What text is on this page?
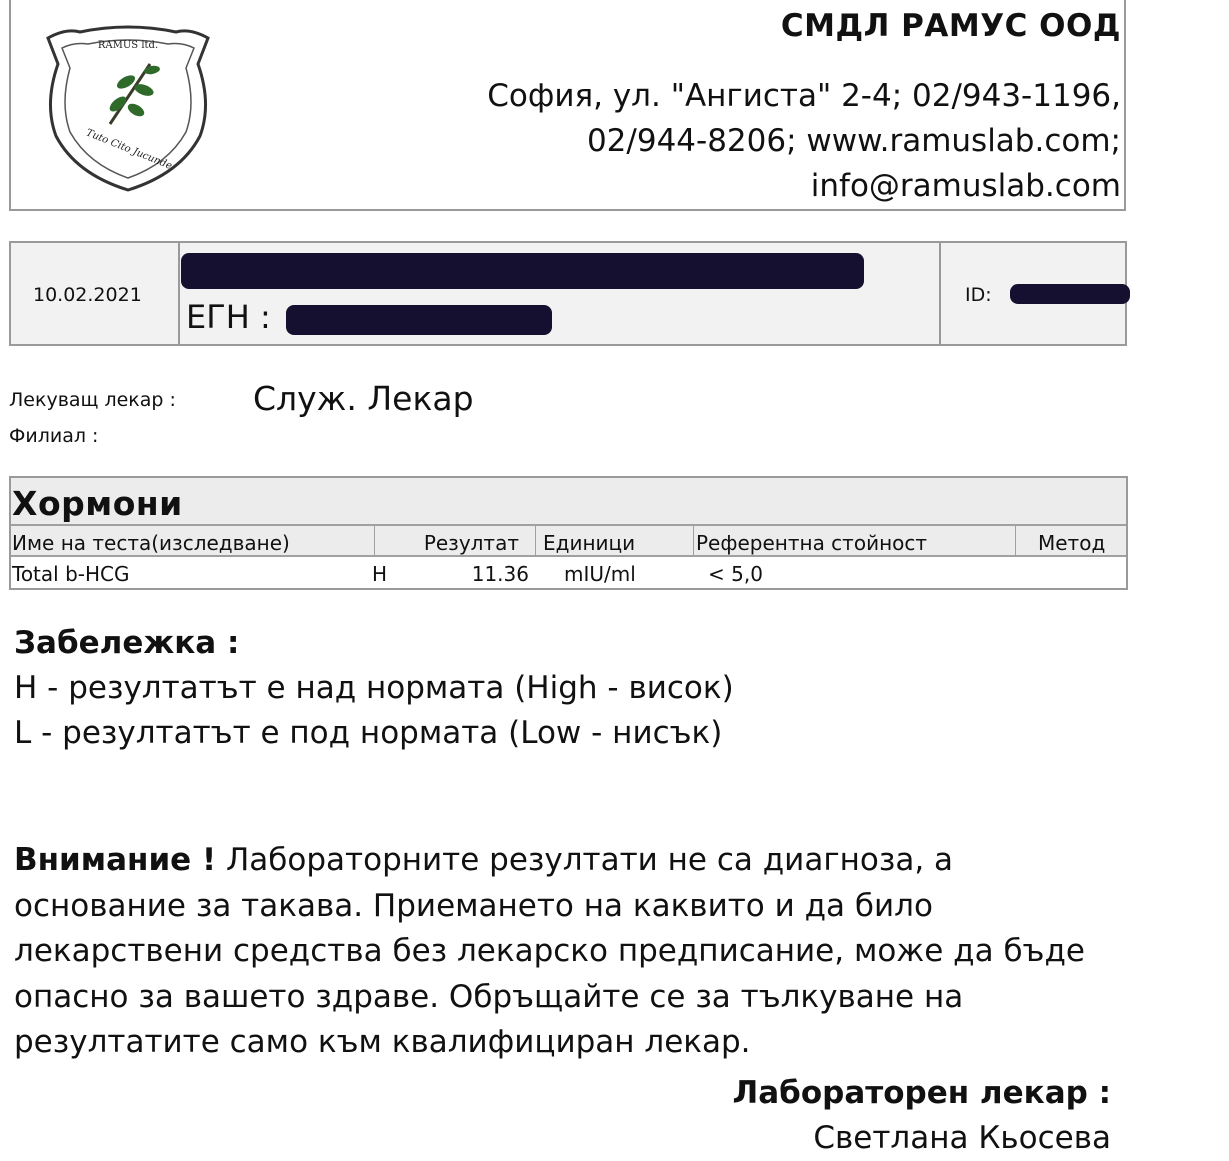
RAMUS ltd.
Tuto Cito Jucunde
СМДЛ РАМУС ООД
София, ул. "Ангиста" 2-4; 02/943-1196,
02/944-8206; www.ramuslab.com;
info@ramuslab.com
10.02.2021
ЕГН :
ID:
Лекуващ лекар :
Филиал :
Служ. Лекар
Хормони
Име на теста(изследване)	Резултат Единици	Референтна стойност	Метод
Total b-HCG	H	11.36 mIU/ml	< 5,0
Забележка :
H - резултатът е над нормата (High - висок)
L - резултатът е под нормата (Low - нисък)
Внимание ! Лабораторните резултати не са диагноза, а основание за такава. Приемането на каквито и да било лекарствени средства без лекарско предписание, може да бъде опасно за вашето здраве. Обръщайте се за тълкуване на резултатите само към квалифициран лекар.
Лабораторен лекар :
Светлана Кьосева
